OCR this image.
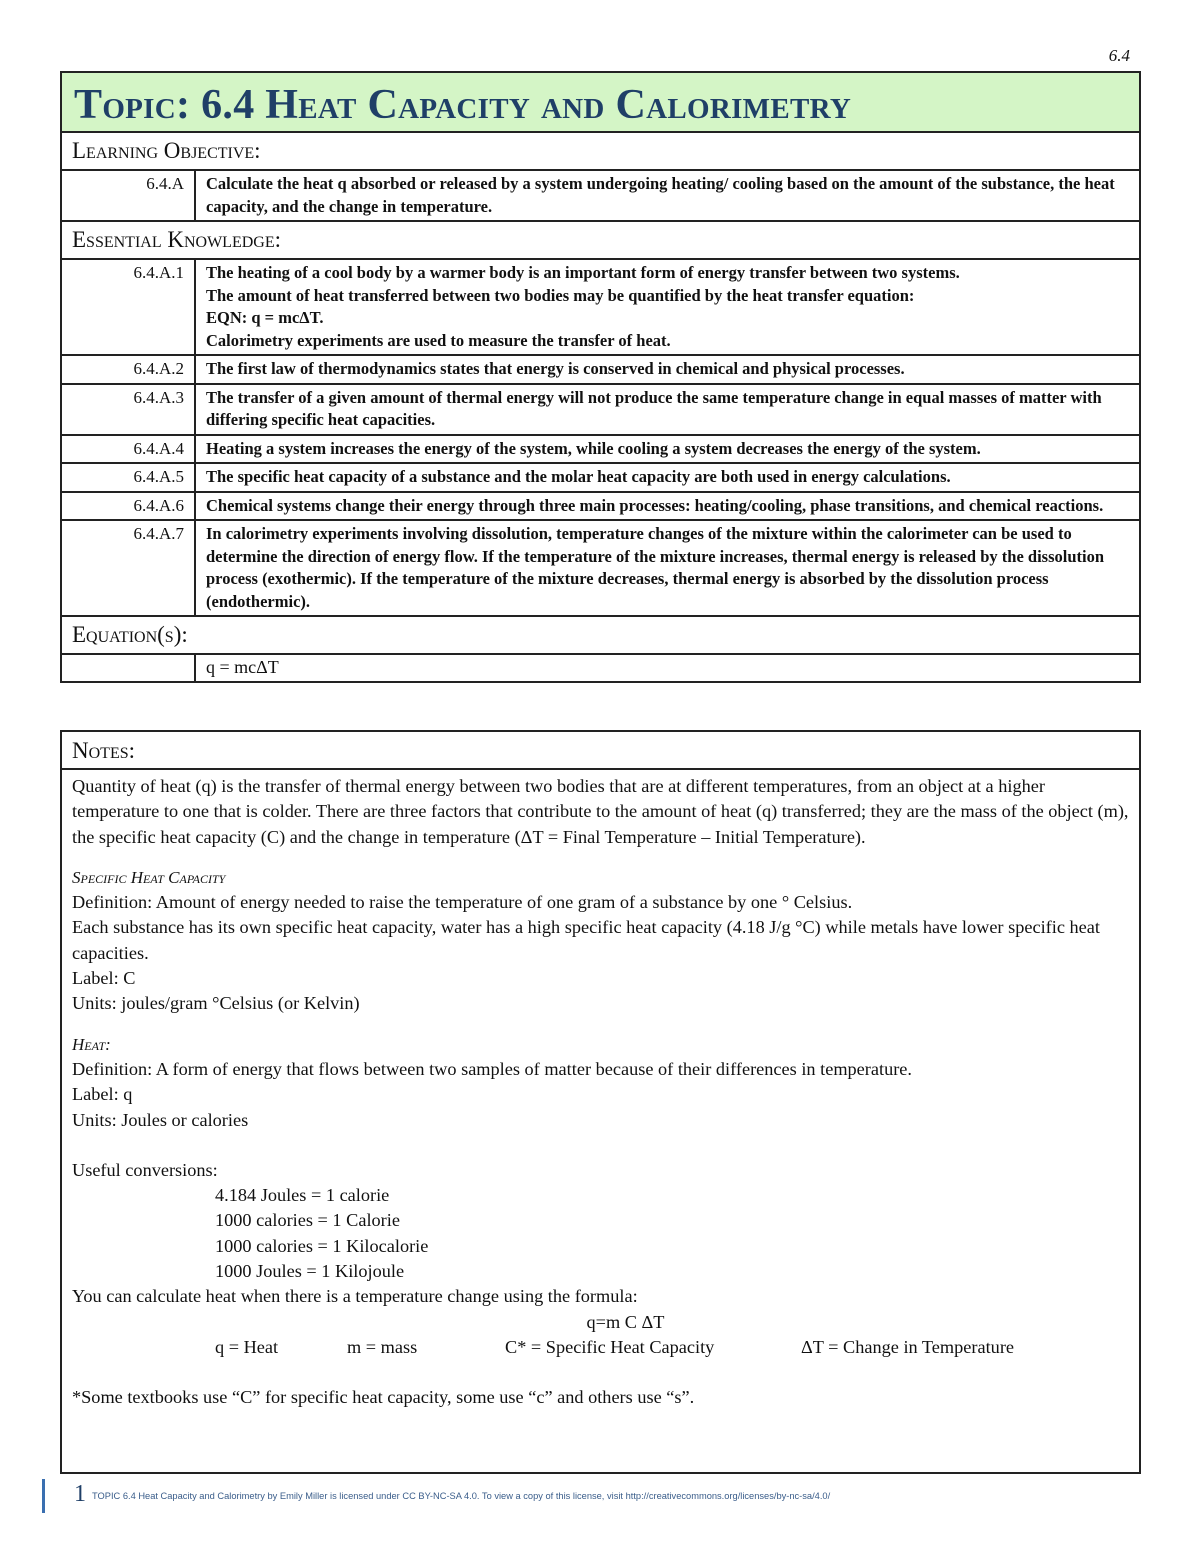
6.4
Topic: 6.4 Heat Capacity and Calorimetry	
Learning Objective:	
6.4.A	Calculate the heat q absorbed or released by a system undergoing heating/ cooling based on the amount of the substance, the heat capacity, and the change in temperature.
Essential Knowledge:	
6.4.A.1	The heating of a cool body by a warmer body is an important form of energy transfer between two systems.
The amount of heat transferred between two bodies may be quantified by the heat transfer equation:
EQN: q = mcΔT.
Calorimetry experiments are used to measure the transfer of heat.

6.4.A.2	The first law of thermodynamics states that energy is conserved in chemical and physical processes.
6.4.A.3	The transfer of a given amount of thermal energy will not produce the same temperature change in equal masses of matter with differing specific heat capacities.
6.4.A.4	Heating a system increases the energy of the system, while cooling a system decreases the energy of the system.
6.4.A.5	The specific heat capacity of a substance and the molar heat capacity are both used in energy calculations.
6.4.A.6	Chemical systems change their energy through three main processes: heating/cooling, phase transitions, and chemical reactions.
6.4.A.7	In calorimetry experiments involving dissolution, temperature changes of the mixture within the calorimeter can be used to determine the direction of energy flow. If the temperature of the mixture increases, thermal energy is released by the dissolution process (exothermic). If the temperature of the mixture decreases, thermal energy is absorbed by the dissolution process (endothermic).
Equation(s):	
	q = mcΔT
Notes:
Quantity of heat (q) is the transfer of thermal energy between two bodies that are at different temperatures, from an object at a higher temperature to one that is colder. There are three factors that contribute to the amount of heat (q) transferred; they are the mass of the object (m), the specific heat capacity (C) and the change in temperature (ΔT = Final Temperature – Initial Temperature).
Specific Heat Capacity
Definition: Amount of energy needed to raise the temperature of one gram of a substance by one ° Celsius.
Each substance has its own specific heat capacity, water has a high specific heat capacity (4.18 J/g °C) while metals have lower specific heat capacities.
Label: C
Units: joules/gram °Celsius (or Kelvin)
Heat:
Definition: A form of energy that flows between two samples of matter because of their differences in temperature.
Label: q
Units: Joules or calories
Useful conversions:
4.184 Joules = 1 calorie
1000 calories = 1 Calorie
1000 calories = 1 Kilocalorie
1000 Joules = 1 Kilojoule
You can calculate heat when there is a temperature change using the formula:
q=m C ΔT
q = Heat	m = mass	C* = Specific Heat Capacity	ΔT = Change in Temperature
*Some textbooks use “C” for specific heat capacity, some use “c” and others use “s”.
1 TOPIC 6.4 Heat Capacity and Calorimetry by Emily Miller is licensed under CC BY-NC-SA 4.0. To view a copy of this license, visit http://creativecommons.org/licenses/by-nc-sa/4.0/
